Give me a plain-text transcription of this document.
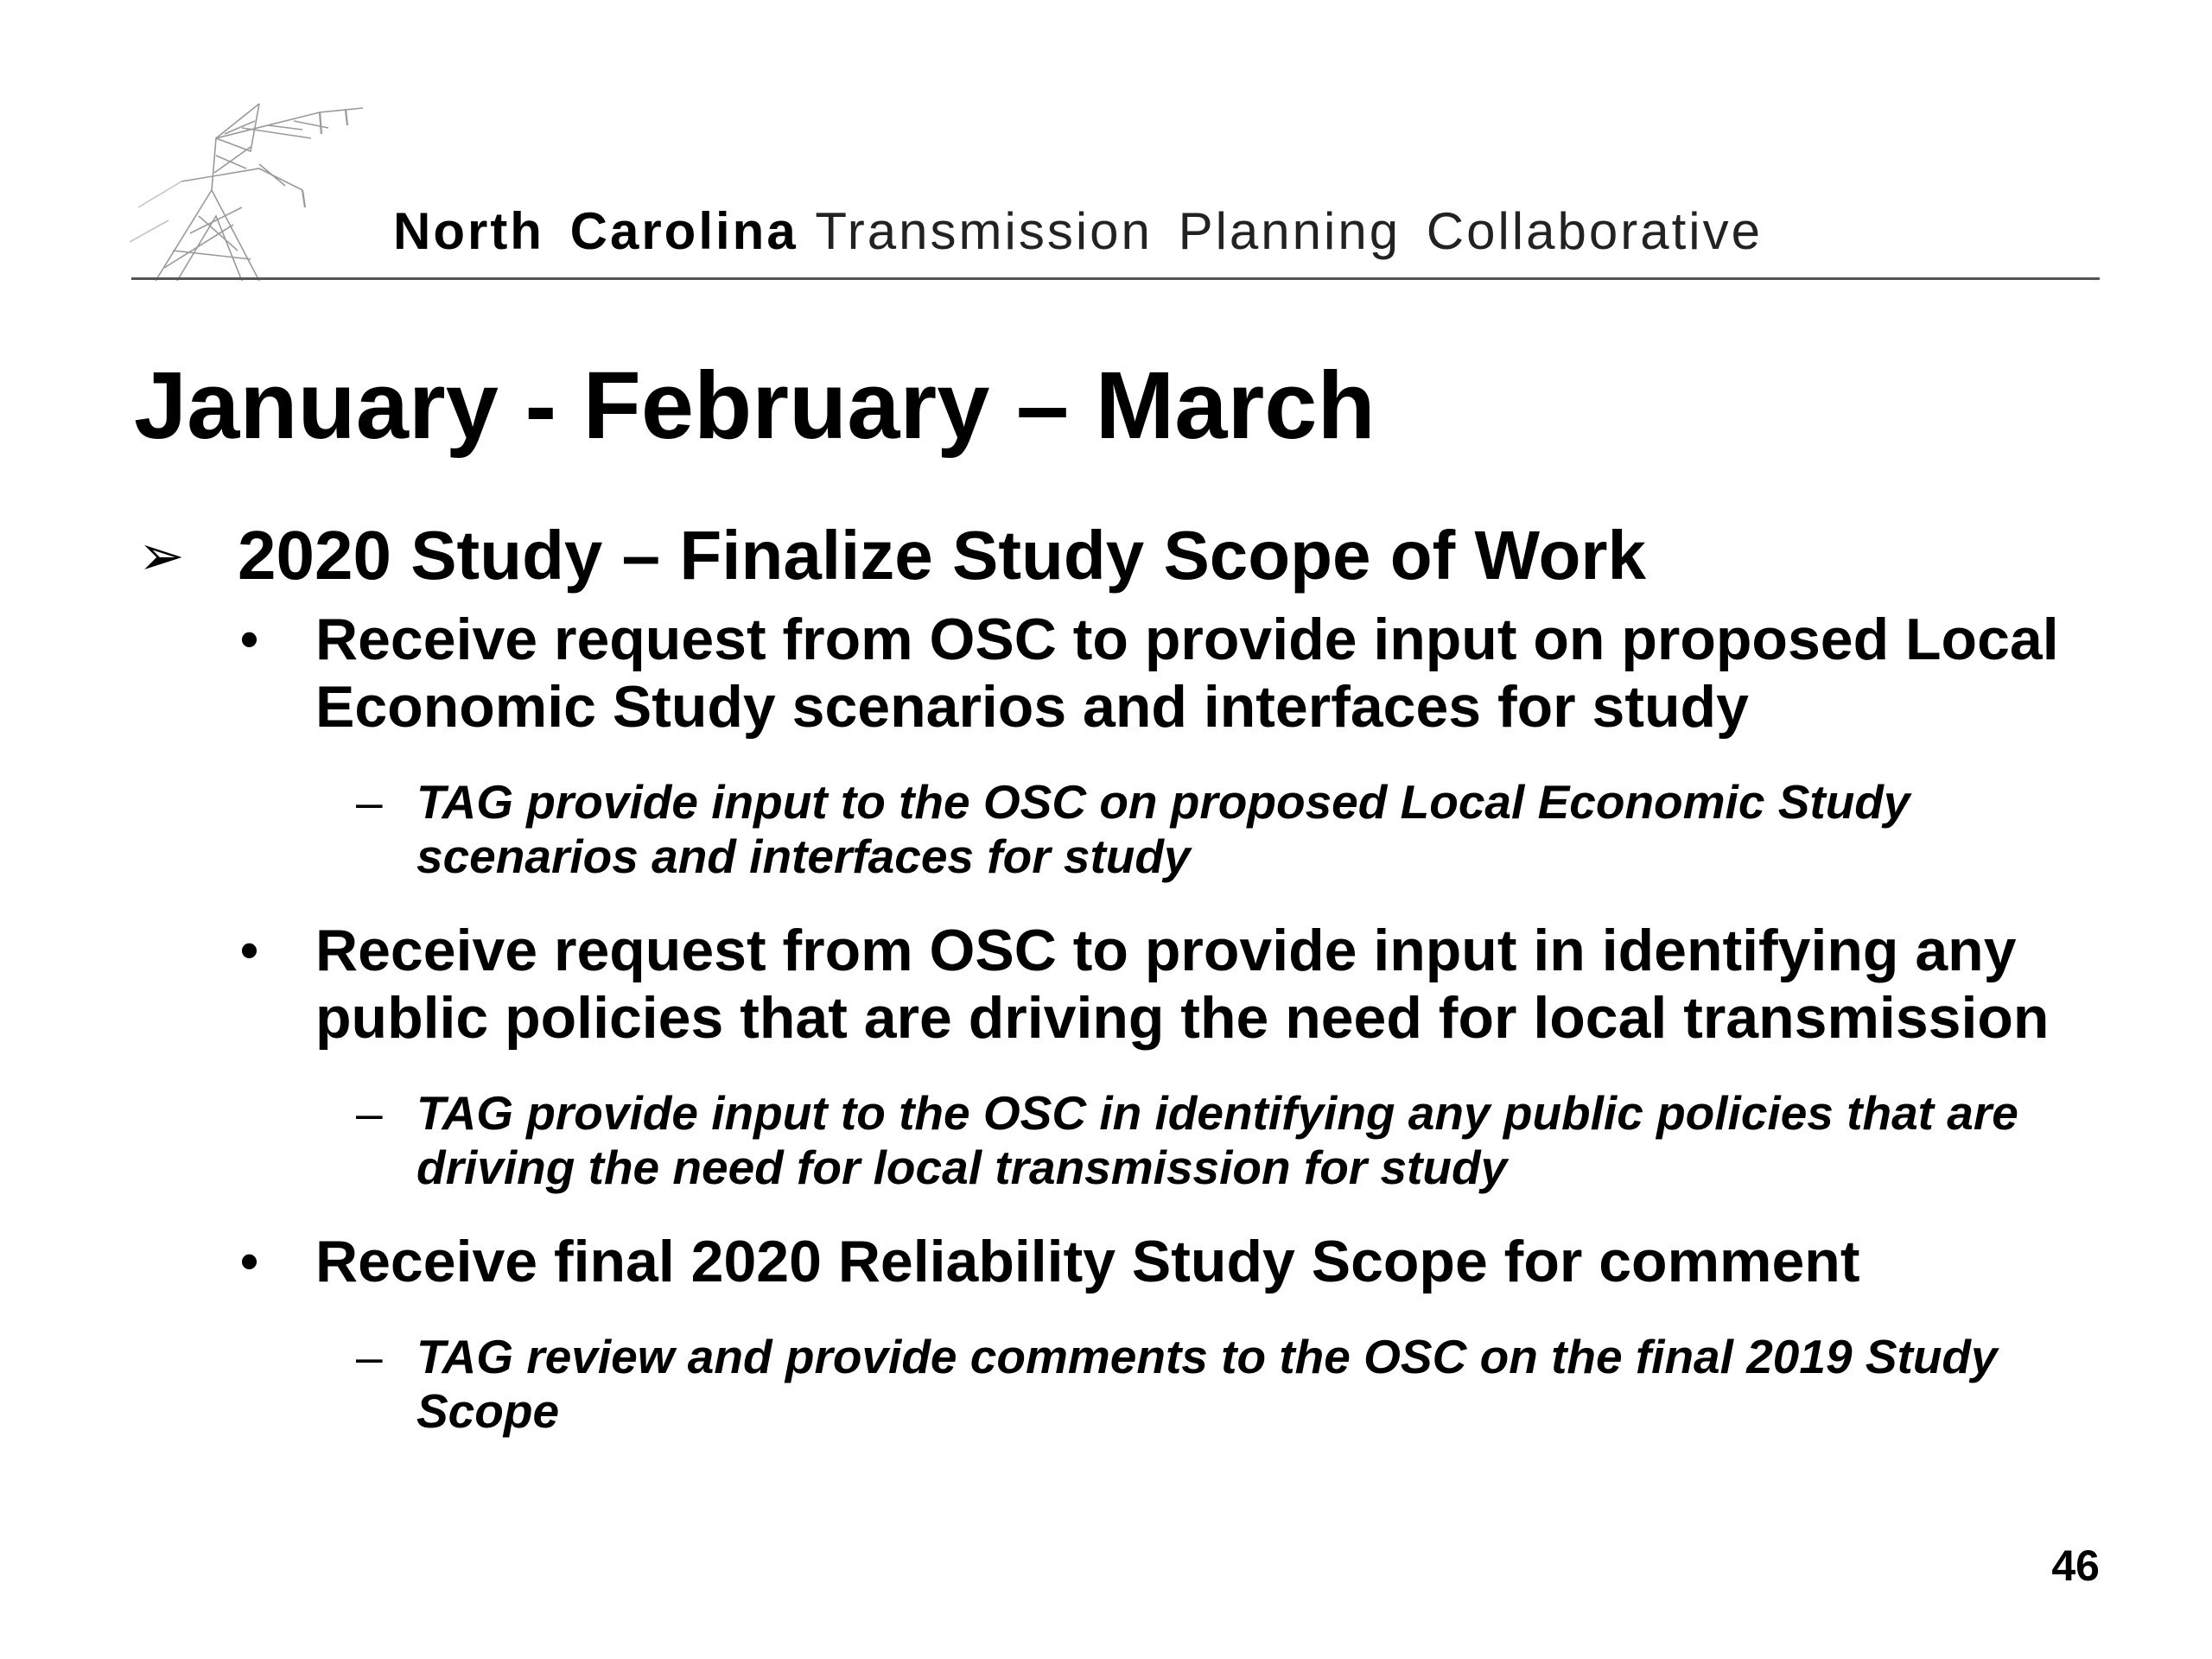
North Carolina Transmission Planning Collaborative
January - February – March
➢ 2020 Study – Finalize Study Scope of Work
• Receive request from OSC to provide input on proposed Local Economic Study scenarios and interfaces for study
– TAG provide input to the OSC on proposed Local Economic Study scenarios and interfaces for study
• Receive request from OSC to provide input in identifying any public policies that are driving the need for local transmission
– TAG provide input to the OSC in identifying any public policies that are driving the need for local transmission for study
• Receive final 2020 Reliability Study Scope for comment
– TAG review and provide comments to the OSC on the final 2019 Study Scope
46
